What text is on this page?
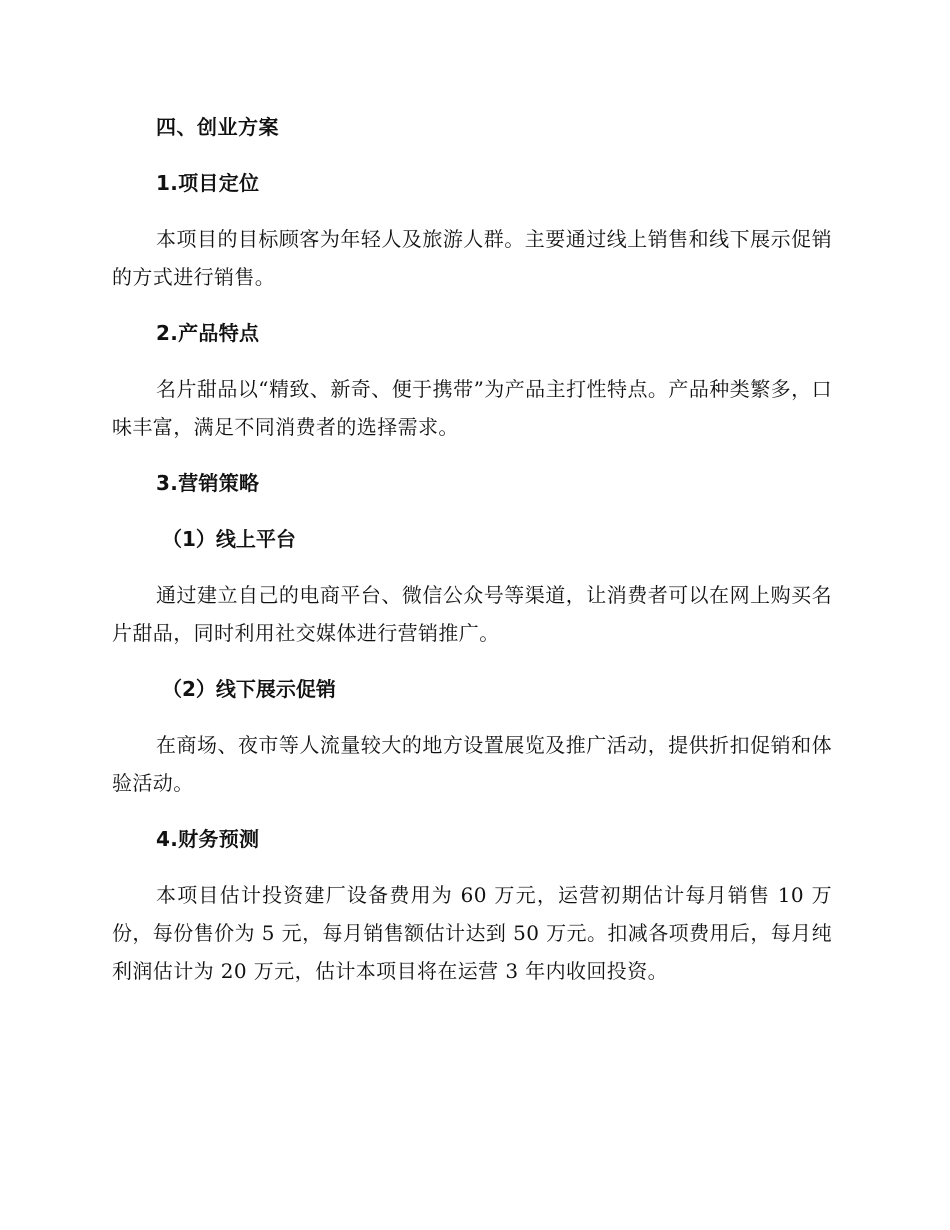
四、创业方案
1.项目定位

本项目的目标顾客为年轻人及旅游人群。主要通过线上销售和线下展示促销的方式进行销售。

2.产品特点

名片甜品以“精致、新奇、便于携带”为产品主打性特点。产品种类繁多，口味丰富，满足不同消费者的选择需求。

3.营销策略
（1）线上平台

通过建立自己的电商平台、微信公众号等渠道，让消费者可以在网上购买名片甜品，同时利用社交媒体进行营销推广。

（2）线下展示促销

在商场、夜市等人流量较大的地方设置展览及推广活动，提供折扣促销和体验活动。

4.财务预测

本项目估计投资建厂设备费用为 60 万元，运营初期估计每月销售 10 万份，每份售价为 5 元，每月销售额估计达到 50 万元。扣减各项费用后，每月纯利润估计为 20 万元，估计本项目将在运营 3 年内收回投资。
